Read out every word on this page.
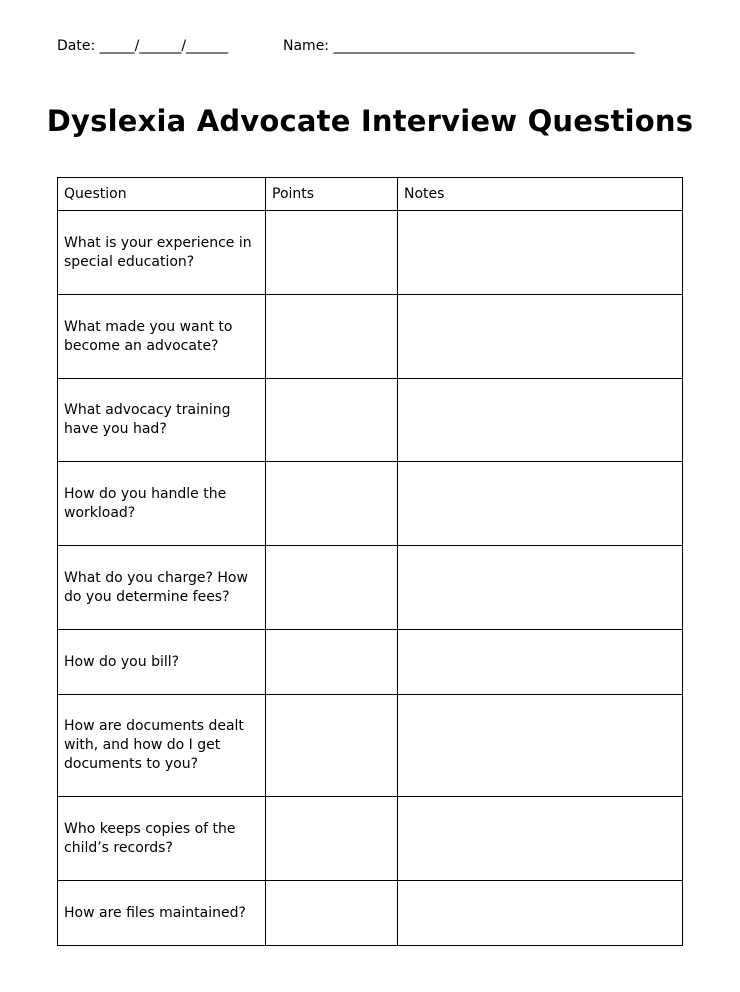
Date: _____/______/______	Name: ___________________________________________
Dyslexia Advocate Interview Questions
Question	Points	Notes
What is your experience in special education?		
What made you want to become an advocate?		
What advocacy training have you had?		
How do you handle the workload?		
What do you charge? How do you determine fees?		
How do you bill?		
How are documents dealt with, and how do I get documents to you?		
Who keeps copies of the child’s records?		
How are files maintained?		
